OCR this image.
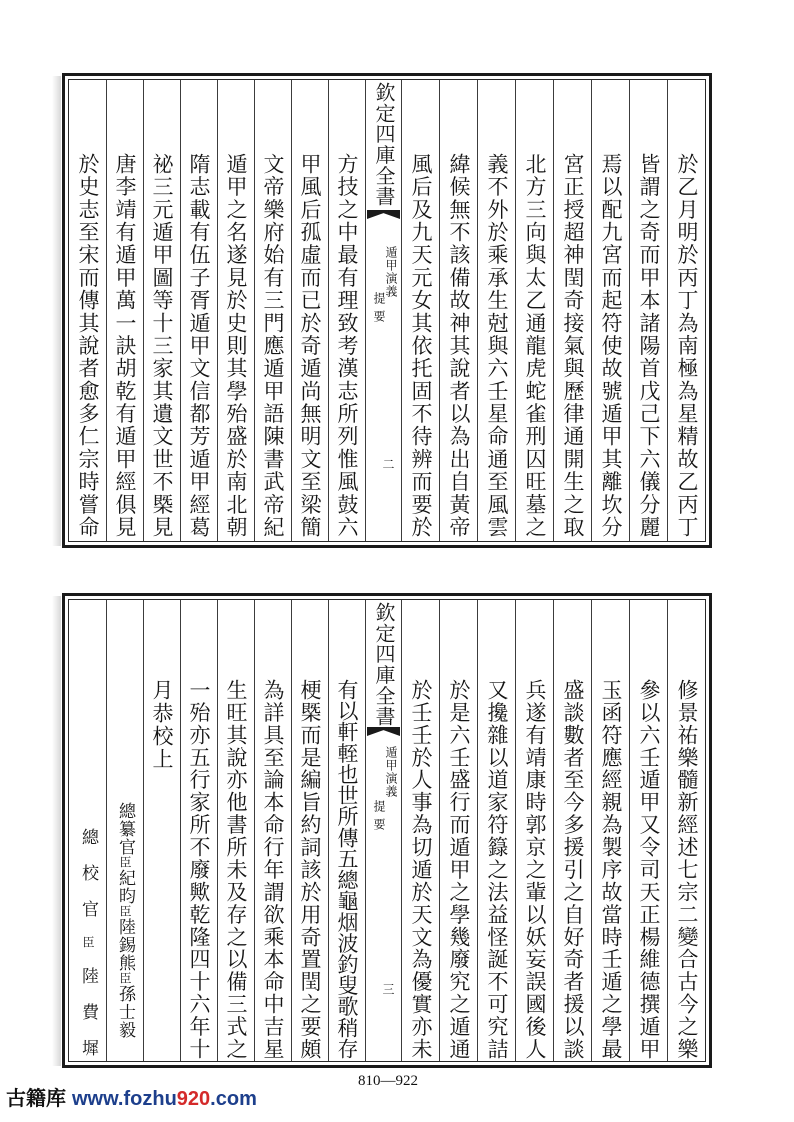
於乙月明於丙丁為南極為星精故乙丙丁
皆謂之奇而甲本諸陽首戊己下六儀分麗
焉以配九宮而起符使故號遁甲其離坎分
宮正授超神閏奇接氣與歷律通開生之取
北方三向與太乙通龍虎蛇雀刑囚旺墓之
義不外於乘承生尅與六壬星命通至風雲
緯候無不該備故神其說者以為出自黃帝
風后及九天元女其依托固不待辨而要於
欽定四庫全書
遁甲演義
提要
二
方技之中最有理致考漢志所列惟風鼓六
甲風后孤虛而已於奇遁尚無明文至梁簡
文帝樂府始有三門應遁甲語陳書武帝紀
遁甲之名遂見於史則其學殆盛於南北朝
隋志載有伍子胥遁甲文信都芳遁甲經葛
祕三元遁甲圖等十三家其遺文世不槩見
唐李靖有遁甲萬一訣胡乾有遁甲經俱見
於史志至宋而傳其說者愈多仁宗時嘗命
修景祐樂髓新經述七宗二變合古今之樂
參以六壬遁甲又令司天正楊維德撰遁甲
玉函符應經親為製序故當時壬遁之學最
盛談數者至今多援引之自好奇者援以談
兵遂有靖康時郭京之軰以妖妄誤國後人
又攙雜以道家符籙之法益怪誕不可究詰
於是六壬盛行而遁甲之學幾廢究之遁通
於壬壬於人事為切遁於天文為優實亦未
欽定四庫全書
遁甲演義
提要
三
有以軒輊也世所傳五總龜烟波釣叟歌稍存
梗槩而是編旨約詞該於用奇置閏之要頗
為詳具至論本命行年謂欲乘本命中吉星
生旺其說亦他書所未及存之以備三式之
一殆亦五行家所不廢歟乾隆四十六年十
月恭校上
總纂官臣紀昀臣陸錫熊臣孫士毅
總校官臣陸費墀
810—922
古籍库 www.fozhu920.com
